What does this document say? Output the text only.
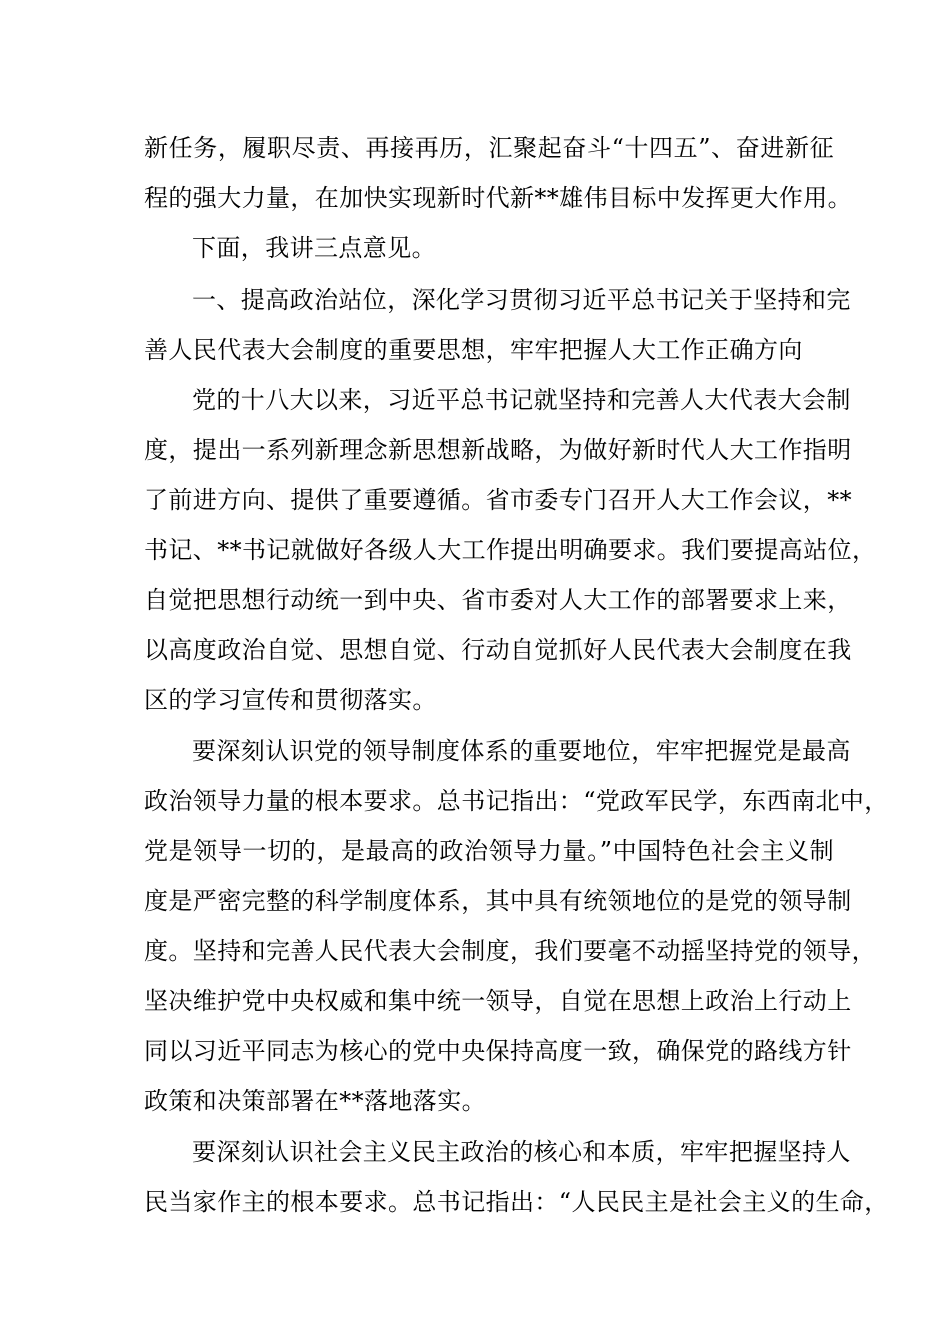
新任务，履职尽责、再接再历，汇聚起奋斗“十四五”、奋进新征
程的强大力量，在加快实现新时代新**雄伟目标中发挥更大作用。
下面，我讲三点意见。
一、提高政治站位，深化学习贯彻习近平总书记关于坚持和完
善人民代表大会制度的重要思想，牢牢把握人大工作正确方向
党的十八大以来，习近平总书记就坚持和完善人大代表大会制
度，提出一系列新理念新思想新战略，为做好新时代人大工作指明
了前进方向、提供了重要遵循。省市委专门召开人大工作会议，**
书记、**书记就做好各级人大工作提出明确要求。我们要提高站位，
自觉把思想行动统一到中央、省市委对人大工作的部署要求上来，
以高度政治自觉、思想自觉、行动自觉抓好人民代表大会制度在我
区的学习宣传和贯彻落实。
要深刻认识党的领导制度体系的重要地位，牢牢把握党是最高
政治领导力量的根本要求。总书记指出：“党政军民学，东西南北中，
党是领导一切的，是最高的政治领导力量。”中国特色社会主义制
度是严密完整的科学制度体系，其中具有统领地位的是党的领导制
度。坚持和完善人民代表大会制度，我们要毫不动摇坚持党的领导，
坚决维护党中央权威和集中统一领导，自觉在思想上政治上行动上
同以习近平同志为核心的党中央保持高度一致，确保党的路线方针
政策和决策部署在**落地落实。
要深刻认识社会主义民主政治的核心和本质，牢牢把握坚持人
民当家作主的根本要求。总书记指出：“人民民主是社会主义的生命，
